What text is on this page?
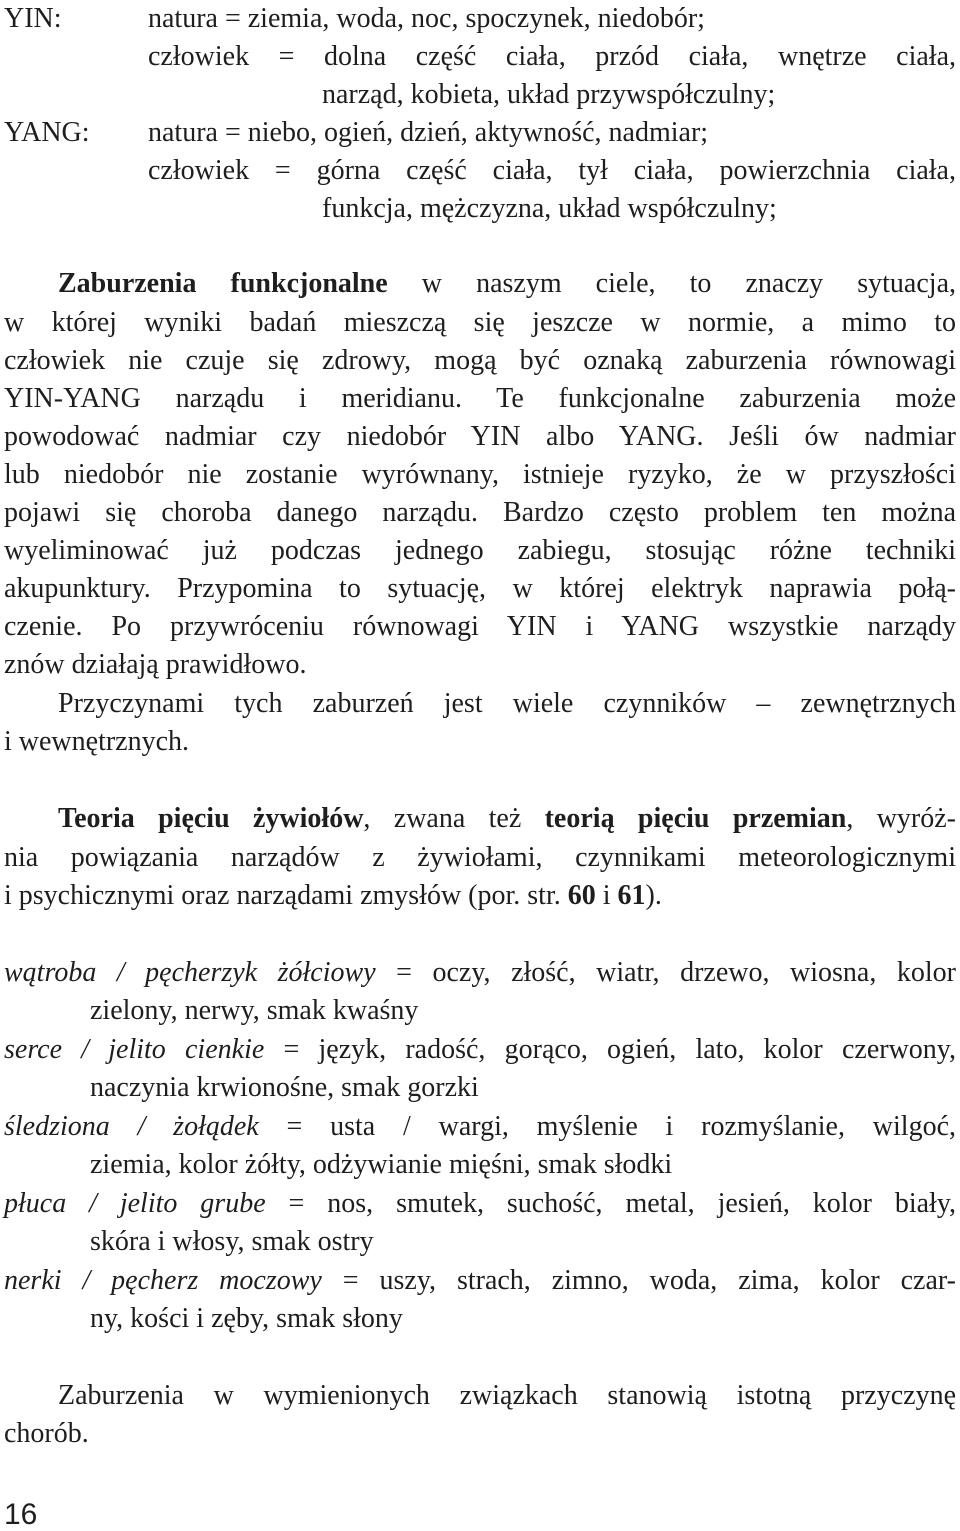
YIN:	natura = ziemia, woda, noc, spoczynek, niedobór;
człowiek = dolna część ciała, przód ciała, wnętrze ciała,
narząd, kobieta, układ przywspółczulny;
YANG: natura = niebo, ogień, dzień, aktywność, nadmiar;
człowiek = górna część ciała, tył ciała, powierzchnia ciała,
funkcja, mężczyzna, układ współczulny;
Zaburzenia funkcjonalne w naszym ciele, to znaczy sytuacja,
w której wyniki badań mieszczą się jeszcze w normie, a mimo to
człowiek nie czuje się zdrowy, mogą być oznaką zaburzenia równowagi
YIN-YANG narządu i meridianu. Te funkcjonalne zaburzenia może
powodować nadmiar czy niedobór YIN albo YANG. Jeśli ów nadmiar
lub niedobór nie zostanie wyrównany, istnieje ryzyko, że w przyszłości
pojawi się choroba danego narządu. Bardzo często problem ten można
wyeliminować już podczas jednego zabiegu, stosując różne techniki
akupunktury. Przypomina to sytuację, w której elektryk naprawia połą-
czenie. Po przywróceniu równowagi YIN i YANG wszystkie narządy
znów działają prawidłowo.
Przyczynami tych zaburzeń jest wiele czynników – zewnętrznych
i wewnętrznych.
Teoria pięciu żywiołów, zwana też teorią pięciu przemian, wyróż-
nia powiązania narządów z żywiołami, czynnikami meteorologicznymi
i psychicznymi oraz narządami zmysłów (por. str. 60 i 61).
wątroba / pęcherzyk żółciowy = oczy, złość, wiatr, drzewo, wiosna, kolor
zielony, nerwy, smak kwaśny
serce / jelito cienkie = język, radość, gorąco, ogień, lato, kolor czerwony,
naczynia krwionośne, smak gorzki
śledziona / żołądek = usta / wargi, myślenie i rozmyślanie, wilgoć,
ziemia, kolor żółty, odżywianie mięśni, smak słodki
płuca / jelito grube = nos, smutek, suchość, metal, jesień, kolor biały,
skóra i włosy, smak ostry
nerki / pęcherz moczowy = uszy, strach, zimno, woda, zima, kolor czar-
ny, kości i zęby, smak słony
Zaburzenia w wymienionych związkach stanowią istotną przyczynę
chorób.
16
